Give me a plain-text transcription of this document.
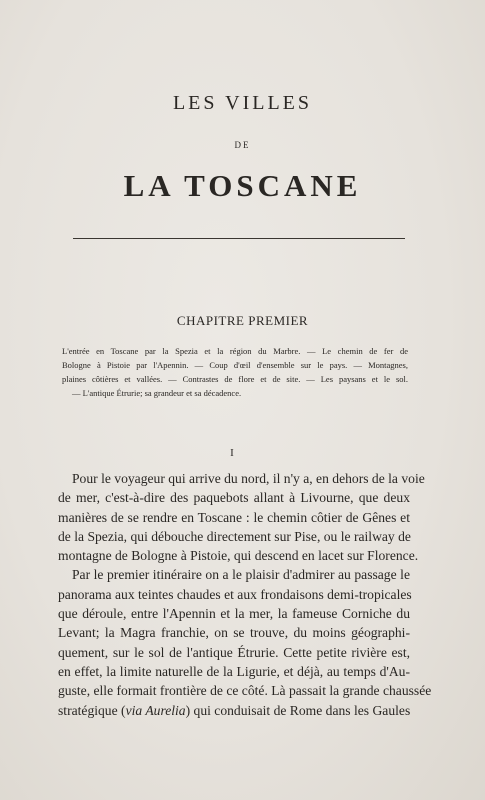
LES VILLES
DE
LA TOSCANE
CHAPITRE PREMIER
L'entrée en Toscane par la Spezia et la région du Marbre. — Le chemin de fer de
Bologne à Pistoie par l'Apennin. — Coup d'œil d'ensemble sur le pays. — Montagnes,
plaines côtières et vallées. — Contrastes de flore et de site. — Les paysans et le sol.
— L'antique Étrurie; sa grandeur et sa décadence.
I
Pour le voyageur qui arrive du nord, il n'y a, en dehors de la voie
de mer, c'est-à-dire des paquebots allant à Livourne, que deux
manières de se rendre en Toscane : le chemin côtier de Gênes et
de la Spezia, qui débouche directement sur Pise, ou le railway de
montagne de Bologne à Pistoie, qui descend en lacet sur Florence.
Par le premier itinéraire on a le plaisir d'admirer au passage le
panorama aux teintes chaudes et aux frondaisons demi-tropicales
que déroule, entre l'Apennin et la mer, la fameuse Corniche du
Levant; la Magra franchie, on se trouve, du moins géographi-
quement, sur le sol de l'antique Étrurie. Cette petite rivière est,
en effet, la limite naturelle de la Ligurie, et déjà, au temps d'Au-
guste, elle formait frontière de ce côté. Là passait la grande chaussée
stratégique (via Aurelia) qui conduisait de Rome dans les Gaules
